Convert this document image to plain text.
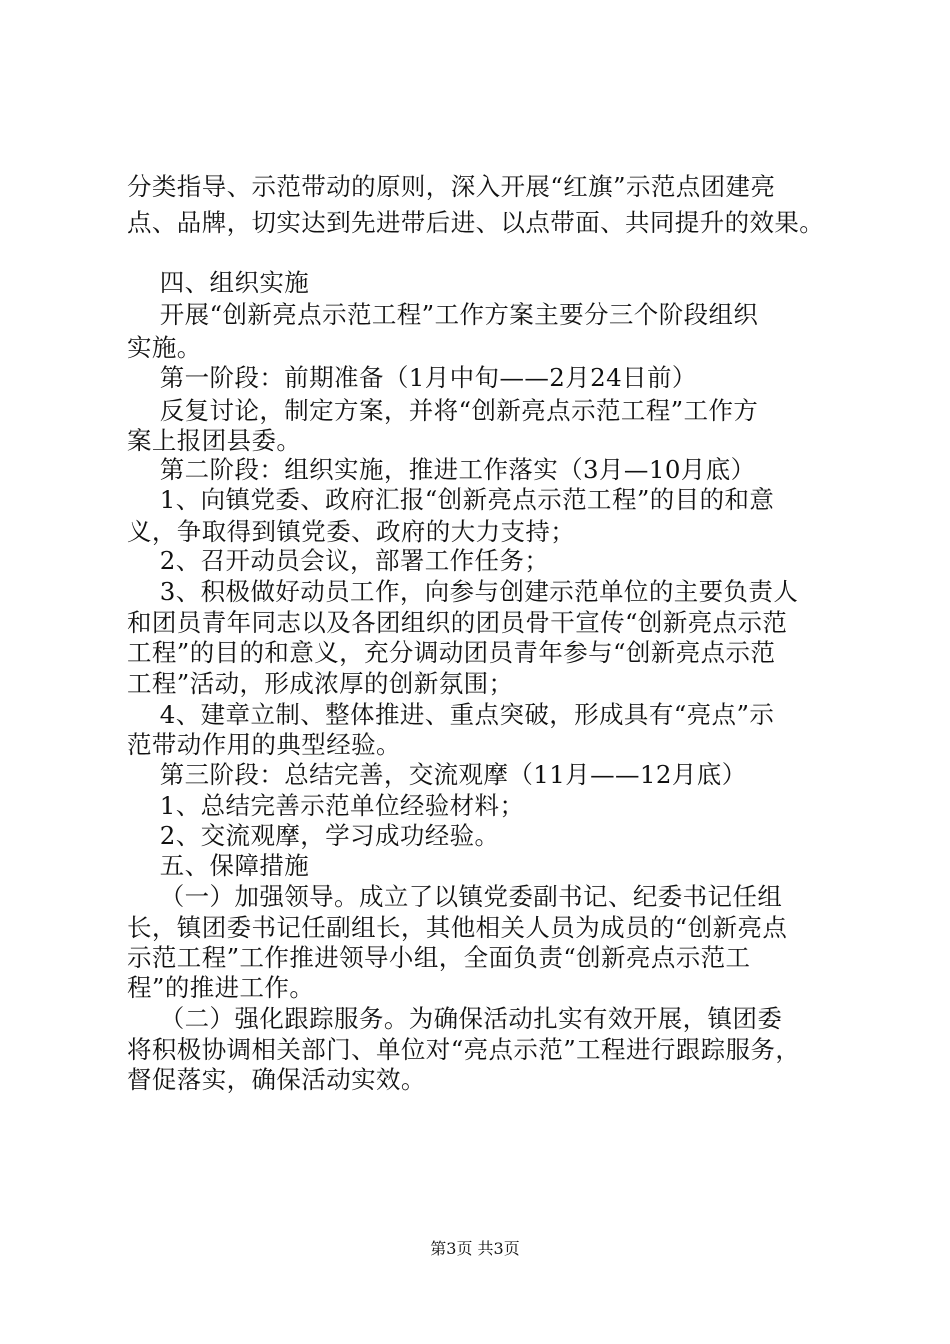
分类指导、示范带动的原则，深入开展“红旗”示范点团建亮
点、品牌，切实达到先进带后进、以点带面、共同提升的效果。
四、组织实施
开展“创新亮点示范工程”工作方案主要分三个阶段组织
实施。
第一阶段：前期准备（1月中旬——2月24日前）
反复讨论，制定方案，并将“创新亮点示范工程”工作方
案上报团县委。
第二阶段：组织实施，推进工作落实（3月—10月底）
1、向镇党委、政府汇报“创新亮点示范工程”的目的和意
义，争取得到镇党委、政府的大力支持；
2、召开动员会议，部署工作任务；
3、积极做好动员工作，向参与创建示范单位的主要负责人
和团员青年同志以及各团组织的团员骨干宣传“创新亮点示范
工程”的目的和意义，充分调动团员青年参与“创新亮点示范
工程”活动，形成浓厚的创新氛围；
4、建章立制、整体推进、重点突破，形成具有“亮点”示
范带动作用的典型经验。
第三阶段：总结完善，交流观摩（11月——12月底）
1、总结完善示范单位经验材料；
2、交流观摩，学习成功经验。
五、保障措施
（一）加强领导。成立了以镇党委副书记、纪委书记任组
长，镇团委书记任副组长，其他相关人员为成员的“创新亮点
示范工程”工作推进领导小组，全面负责“创新亮点示范工
程”的推进工作。
（二）强化跟踪服务。为确保活动扎实有效开展，镇团委
将积极协调相关部门、单位对“亮点示范”工程进行跟踪服务，
督促落实，确保活动实效。
第3页 共3页
